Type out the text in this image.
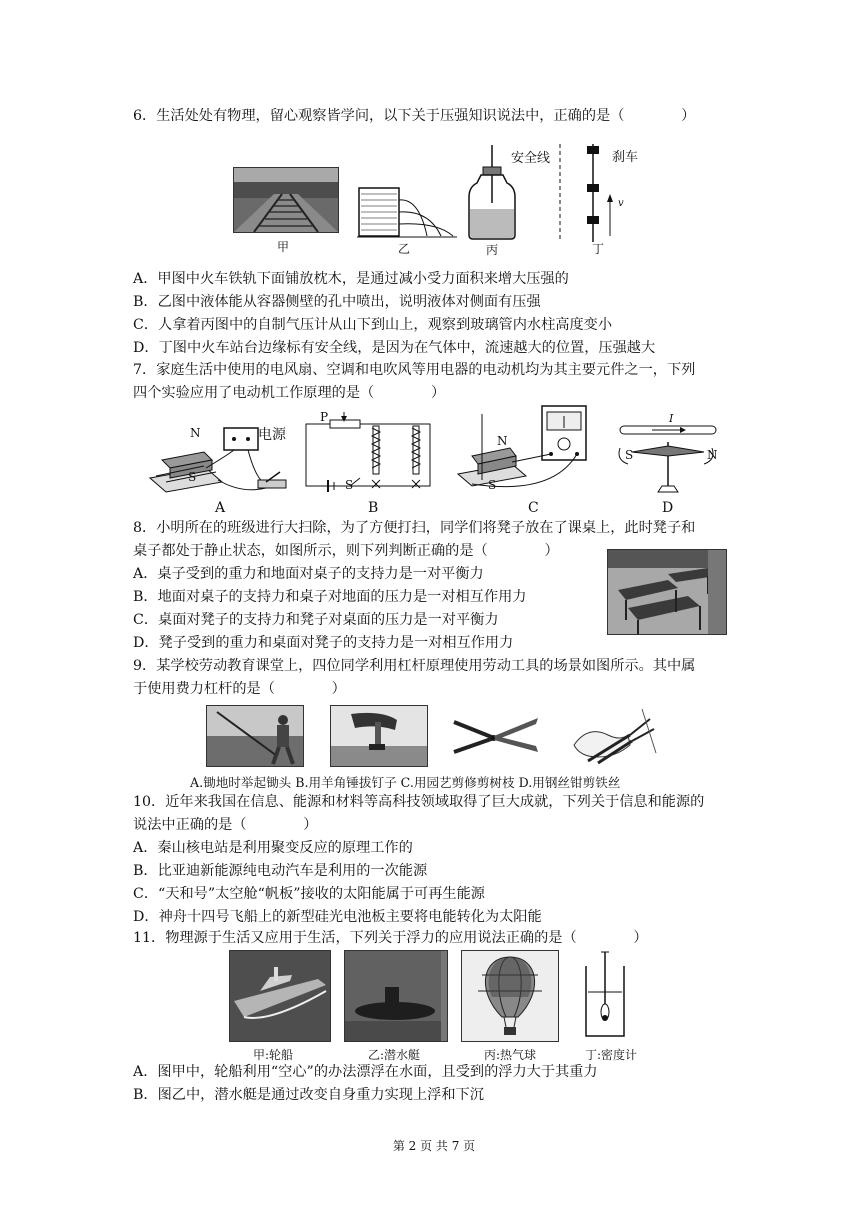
6．生活处处有物理，留心观察皆学问，以下关于压强知识说法中，正确的是（　　　　）
甲	乙	丙
安全线	刹车
v
丁
A．甲图中火车铁轨下面铺放枕木，是通过减小受力面积来增大压强的
B．乙图中液体能从容器侧壁的孔中喷出，说明液体对侧面有压强
C．人拿着丙图中的自制气压计从山下到山上，观察到玻璃管内水柱高度变小
D．丁图中火车站台边缘标有安全线，是因为在气体中，流速越大的位置，压强越大
7．家庭生活中使用的电风扇、空调和电吹风等用电器的电动机均为其主要元件之一，下列
四个实验应用了电动机工作原理的是（　　　　）
N
S
电源
A
P
S
B
N
S
C
I
S	N
D
8．小明所在的班级进行大扫除，为了方便打扫，同学们将凳子放在了课桌上，此时凳子和
桌子都处于静止状态，如图所示，则下列判断正确的是（　　　　）
A．桌子受到的重力和地面对桌子的支持力是一对平衡力
B．地面对桌子的支持力和桌子对地面的压力是一对相互作用力
C．桌面对凳子的支持力和凳子对桌面的压力是一对平衡力
D．凳子受到的重力和桌面对凳子的支持力是一对相互作用力
9．某学校劳动教育课堂上，四位同学利用杠杆原理使用劳动工具的场景如图所示。其中属
于使用费力杠杆的是（　　　　）
A.锄地时举起锄头 B.用羊角锤拔钉子 C.用园艺剪修剪树枝 D.用钢丝钳剪铁丝
10．近年来我国在信息、能源和材料等高科技领域取得了巨大成就，下列关于信息和能源的
说法中正确的是（　　　　）
A．秦山核电站是利用聚变反应的原理工作的
B．比亚迪新能源纯电动汽车是利用的一次能源
C．“天和号”太空舱“帆板”接收的太阳能属于可再生能源
D．神舟十四号飞船上的新型硅光电池板主要将电能转化为太阳能
11．物理源于生活又应用于生活，下列关于浮力的应用说法正确的是（　　　　）
甲:轮船	乙:潜水艇	丙:热气球	丁:密度计
A．图甲中，轮船利用“空心”的办法漂浮在水面，且受到的浮力大于其重力
B．图乙中，潜水艇是通过改变自身重力实现上浮和下沉
第 2 页 共 7 页
